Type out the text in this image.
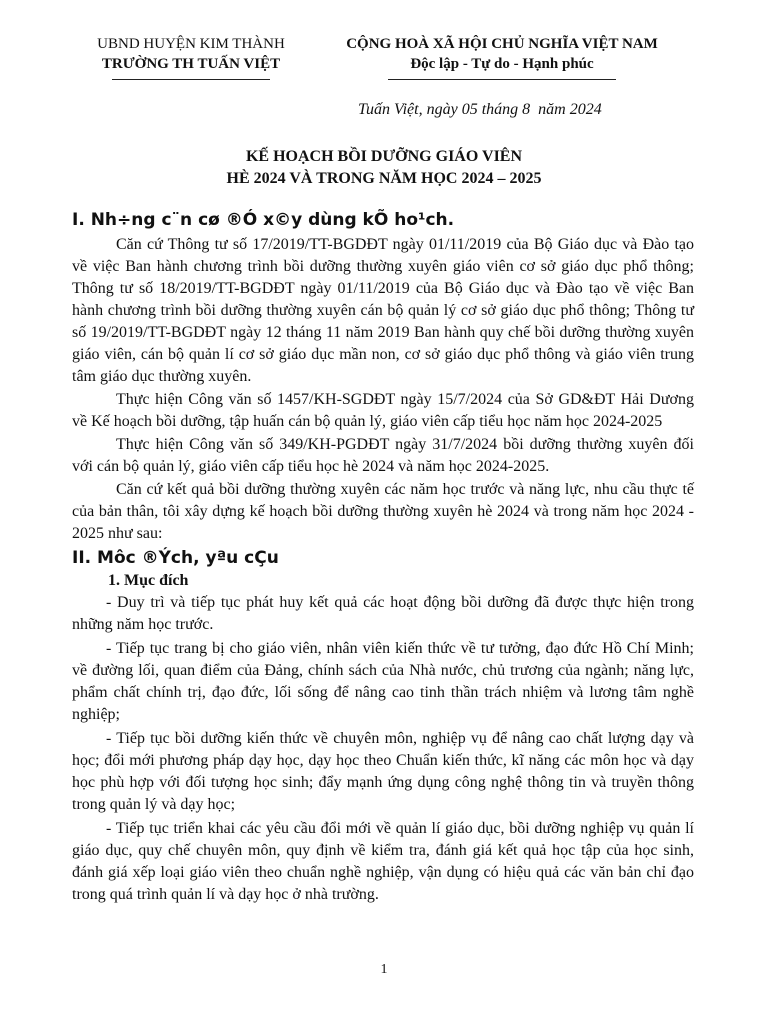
UBND HUYỆN KIM THÀNH
TRƯỜNG TH TUẤN VIỆT
CỘNG HOÀ XÃ HỘI CHỦ NGHĨA VIỆT NAM
Độc lập - Tự do - Hạnh phúc
Tuấn Việt, ngày 05 tháng 8  năm 2024
KẾ HOẠCH BỒI DƯỠNG GIÁO VIÊN
HÈ 2024 VÀ TRONG NĂM HỌC 2024 – 2025
I. Nh÷ng c¨n cø ®Ó x©y dùng kÕ ho¹ch.

Căn cứ Thông tư số 17/2019/TT-BGDĐT ngày 01/11/2019 của Bộ Giáo dục và Đào tạo về việc Ban hành chương trình bồi dưỡng thường xuyên giáo viên cơ sở giáo dục phổ thông; Thông tư số 18/2019/TT-BGDĐT ngày 01/11/2019 của Bộ Giáo dục và Đào tạo về việc Ban hành chương trình bồi dưỡng thường xuyên cán bộ quản lý cơ sở giáo dục phổ thông; Thông tư số 19/2019/TT-BGDĐT ngày 12 tháng 11 năm 2019 Ban hành quy chế bồi dưỡng thường xuyên giáo viên, cán bộ quản lí cơ sở giáo dục mần non, cơ sở giáo dục phổ thông và giáo viên trung tâm giáo dục thường xuyên.

Thực hiện Công văn số 1457/KH-SGDĐT ngày 15/7/2024 của Sở GD&ĐT Hải Dương về Kế hoạch bồi dưỡng, tập huấn cán bộ quản lý, giáo viên cấp tiểu học năm học 2024-2025

Thực hiện Công văn số 349/KH-PGDĐT ngày 31/7/2024 bồi dưỡng thường xuyên đối với cán bộ quản lý, giáo viên cấp tiểu học hè 2024 và năm học 2024-2025.

Căn cứ kết quả bồi dưỡng thường xuyên các năm học trước và năng lực, nhu cầu thực tế của bản thân, tôi xây dựng kế hoạch bồi dưỡng thường xuyên hè 2024 và trong năm học 2024 - 2025 như sau:

II. Môc ®Ých, yªu cÇu
1. Mục đích

- Duy trì và tiếp tục phát huy kết quả các hoạt động bồi dưỡng đã được thực hiện trong những năm học trước.

- Tiếp tục trang bị cho giáo viên, nhân viên kiến thức về tư tưởng, đạo đức Hồ Chí Minh; về đường lối, quan điểm của Đảng, chính sách của Nhà nước, chủ trương của ngành; năng lực, phẩm chất chính trị, đạo đức, lối sống để nâng cao tinh thần trách nhiệm và lương tâm nghề nghiệp;

- Tiếp tục bồi dưỡng kiến thức về chuyên môn, nghiệp vụ để nâng cao chất lượng dạy và học; đổi mới phương pháp dạy học, dạy học theo Chuẩn kiến thức, kĩ năng các môn học và dạy học phù hợp với đối tượng học sinh; đẩy mạnh ứng dụng công nghệ thông tin và truyền thông trong quản lý và dạy học;

- Tiếp tục triển khai các yêu cầu đổi mới về quản lí giáo dục, bồi dưỡng nghiệp vụ quản lí giáo dục, quy chế chuyên môn, quy định về kiểm tra, đánh giá kết quả học tập của học sinh, đánh giá xếp loại giáo viên theo chuẩn nghề nghiệp, vận dụng có hiệu quả các văn bản chỉ đạo trong quá trình quản lí và dạy học ở nhà trường.

1
